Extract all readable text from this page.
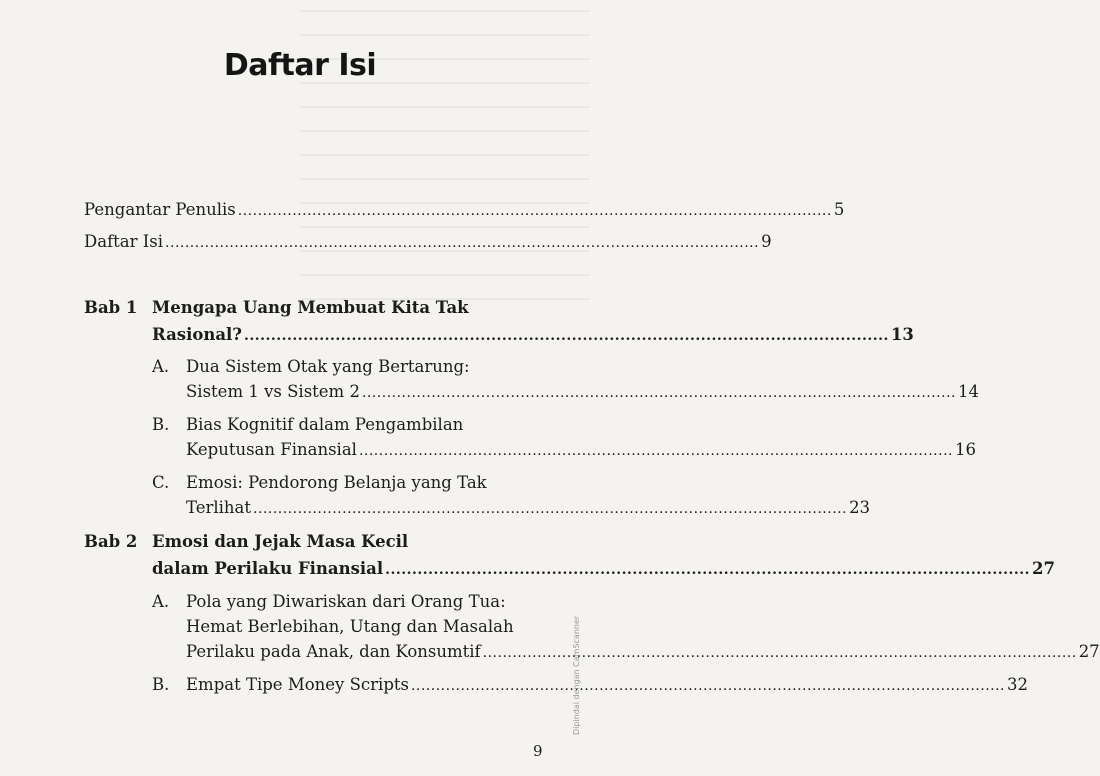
Daftar Isi
Pengantar Penulis ........................................................................................................................ 5
Daftar Isi ........................................................................................................................ 9
Bab 1 Mengapa Uang Membuat Kita Tak
Rasional? ........................................................................................................................ 13
A. Dua Sistem Otak yang Bertarung:
Sistem 1 vs Sistem 2 ........................................................................................................................ 14
B. Bias Kognitif dalam Pengambilan
Keputusan Finansial ........................................................................................................................ 16
C. Emosi: Pendorong Belanja yang Tak
Terlihat ........................................................................................................................ 23
Bab 2 Emosi dan Jejak Masa Kecil
dalam Perilaku Finansial ........................................................................................................................ 27
A. Pola yang Diwariskan dari Orang Tua:
Hemat Berlebihan, Utang dan Masalah
Perilaku pada Anak, dan Konsumtif ........................................................................................................................ 27
B. Empat Tipe Money Scripts ........................................................................................................................ 32
9
Dipindai dengan CamScanner
